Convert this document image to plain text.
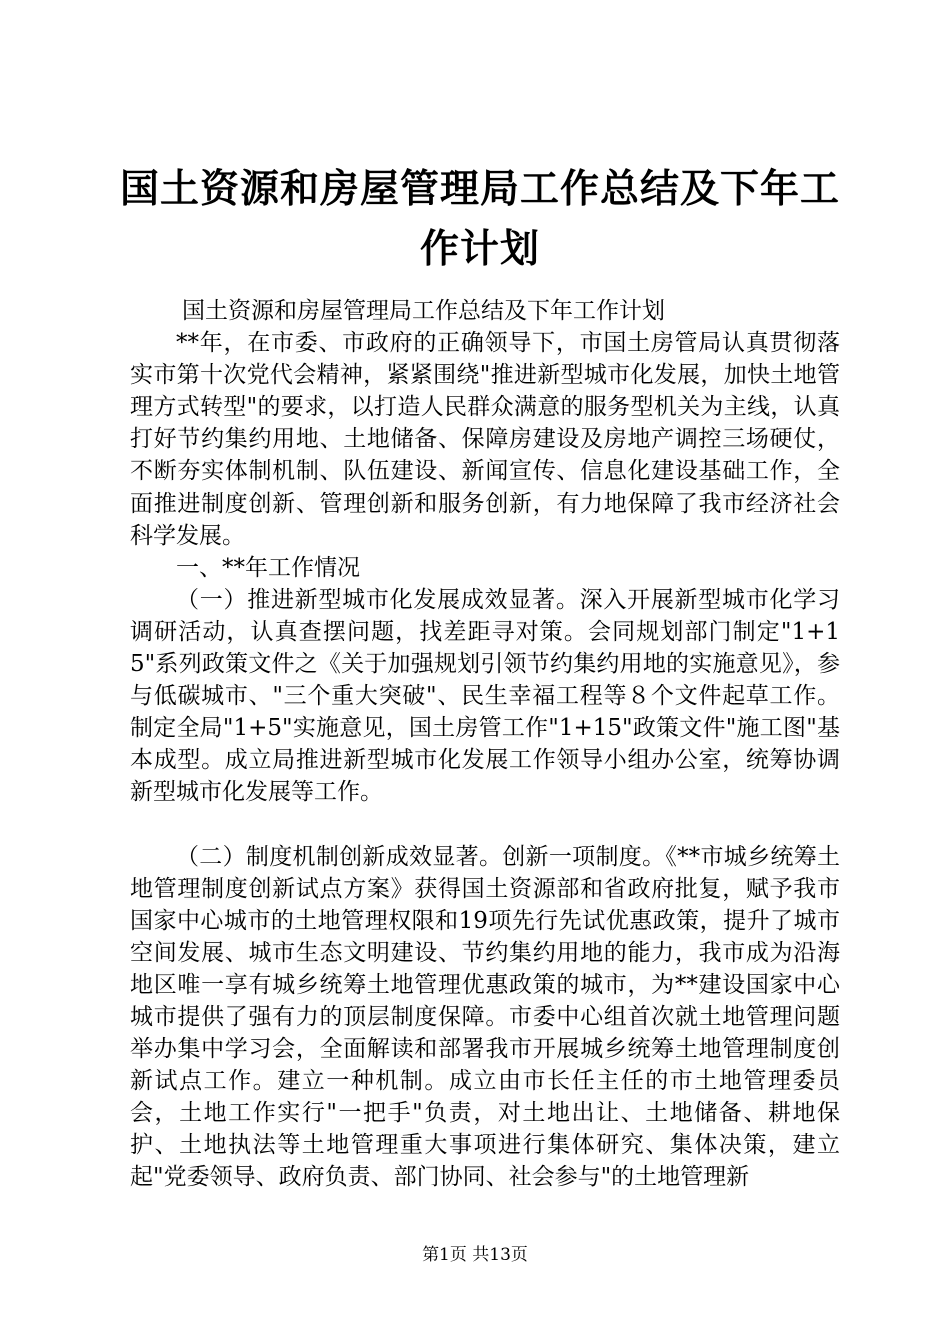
国土资源和房屋管理局工作总结及下年工作计划

国土资源和房屋管理局工作总结及下年工作计划

**年，在市委、市政府的正确领导下，市国土房管局认真贯彻落实市第十次党代会精神，紧紧围绕"推进新型城市化发展，加快土地管理方式转型"的要求，以打造人民群众满意的服务型机关为主线，认真打好节约集约用地、土地储备、保障房建设及房地产调控三场硬仗，不断夯实体制机制、队伍建设、新闻宣传、信息化建设基础工作，全面推进制度创新、管理创新和服务创新，有力地保障了我市经济社会科学发展。

一、**年工作情况

（一）推进新型城市化发展成效显著。深入开展新型城市化学习调研活动，认真查摆问题，找差距寻对策。会同规划部门制定"1+15"系列政策文件之《关于加强规划引领节约集约用地的实施意见》，参与低碳城市、"三个重大突破"、民生幸福工程等８个文件起草工作。制定全局"1+5"实施意见，国土房管工作"1+15"政策文件"施工图"基本成型。成立局推进新型城市化发展工作领导小组办公室，统筹协调新型城市化发展等工作。

（二）制度机制创新成效显著。创新一项制度。《**市城乡统筹土地管理制度创新试点方案》获得国土资源部和省政府批复，赋予我市国家中心城市的土地管理权限和19项先行先试优惠政策，提升了城市空间发展、城市生态文明建设、节约集约用地的能力，我市成为沿海地区唯一享有城乡统筹土地管理优惠政策的城市，为**建设国家中心城市提供了强有力的顶层制度保障。市委中心组首次就土地管理问题举办集中学习会，全面解读和部署我市开展城乡统筹土地管理制度创新试点工作。建立一种机制。成立由市长任主任的市土地管理委员会，土地工作实行"一把手"负责，对土地出让、土地储备、耕地保护、土地执法等土地管理重大事项进行集体研究、集体决策，建立起"党委领导、政府负责、部门协同、社会参与"的土地管理新

第1页 共13页
